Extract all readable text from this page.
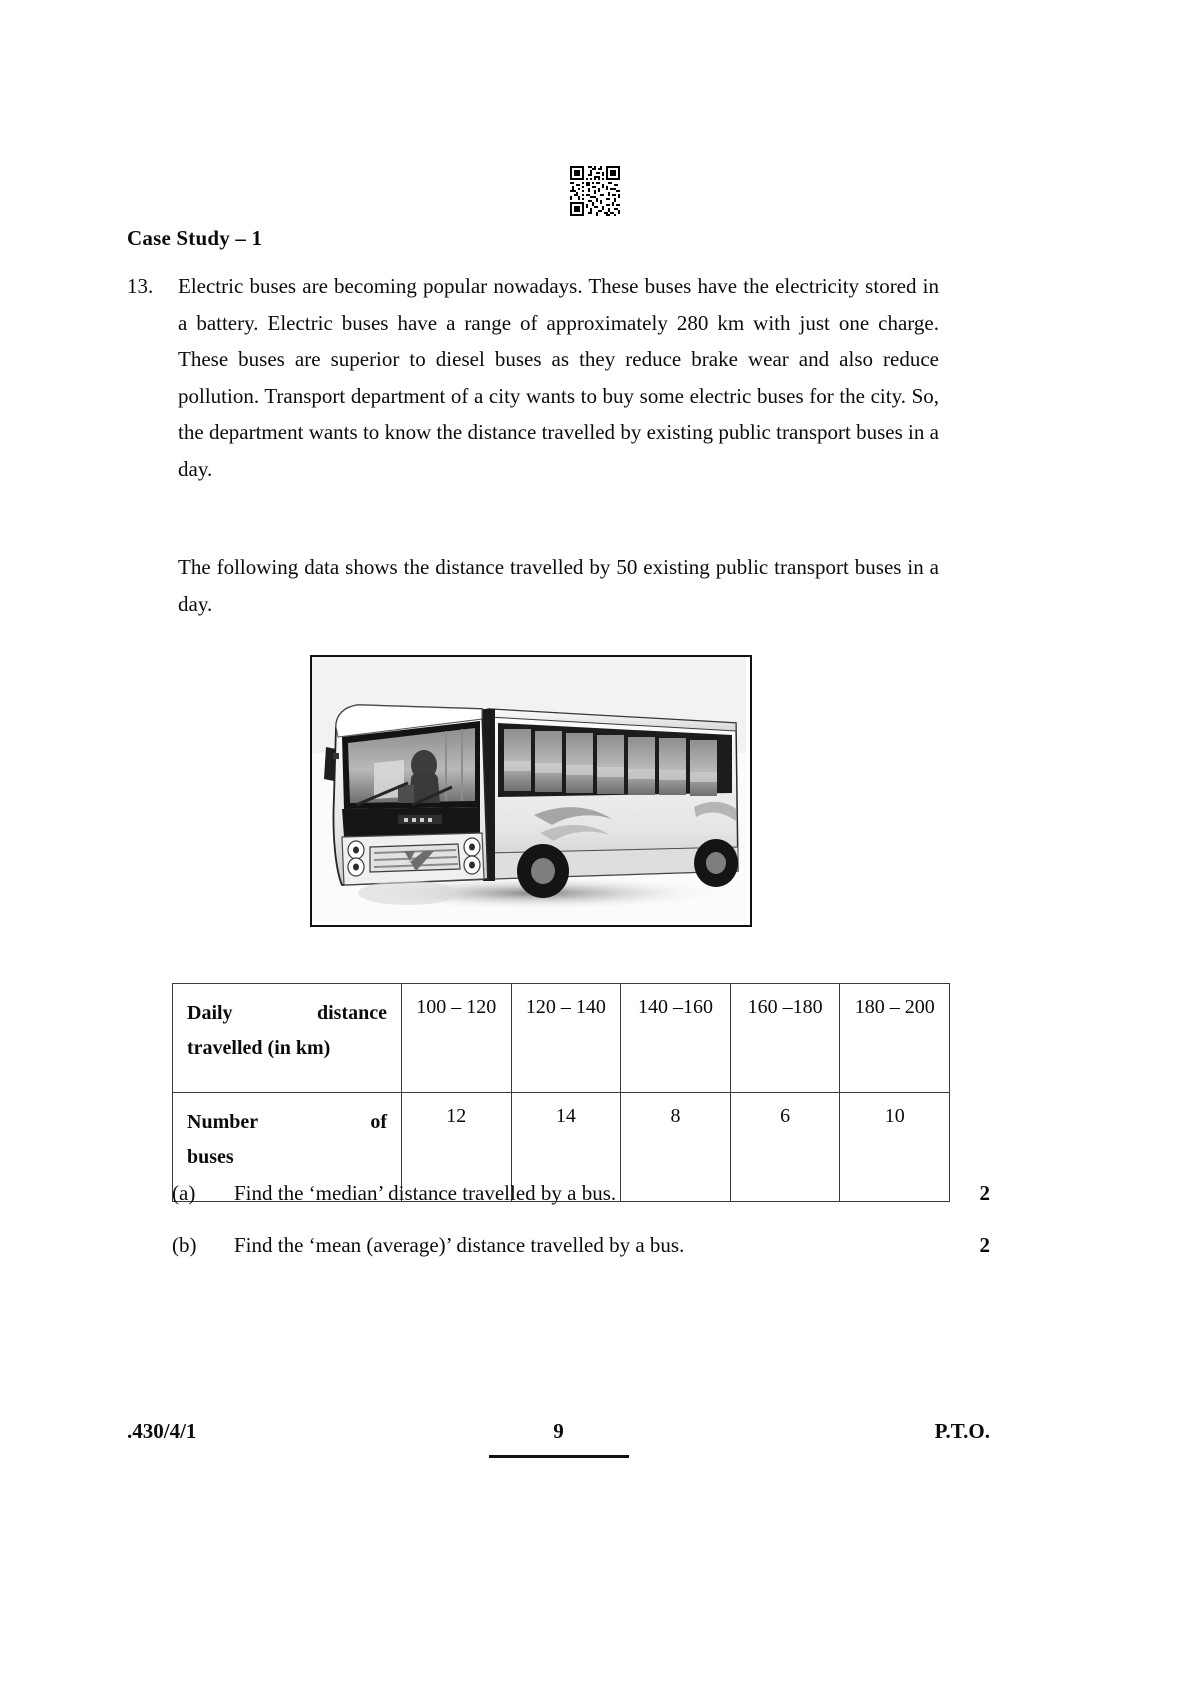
Case Study – 1
13.	Electric buses are becoming popular nowadays. These buses have the electricity stored in a battery. Electric buses have a range of approximately 280 km with just one charge. These buses are superior to diesel buses as they reduce brake wear and also reduce pollution. Transport department of a city wants to buy some electric buses for the city. So, the department wants to know the distance travelled by existing public transport buses in a day.

The following data shows the distance travelled by 50 existing public transport buses in a day.

Daily distance
travelled (in km)	100 – 120	120 – 140	140 –160	160 –180	180 – 200

Number of
buses	12	14	8	6	10
(a)	Find the ‘median’ distance travelled by a bus.	2
(b)	Find the ‘mean (average)’ distance travelled by a bus.	2
.430/4/1	9	P.T.O.
